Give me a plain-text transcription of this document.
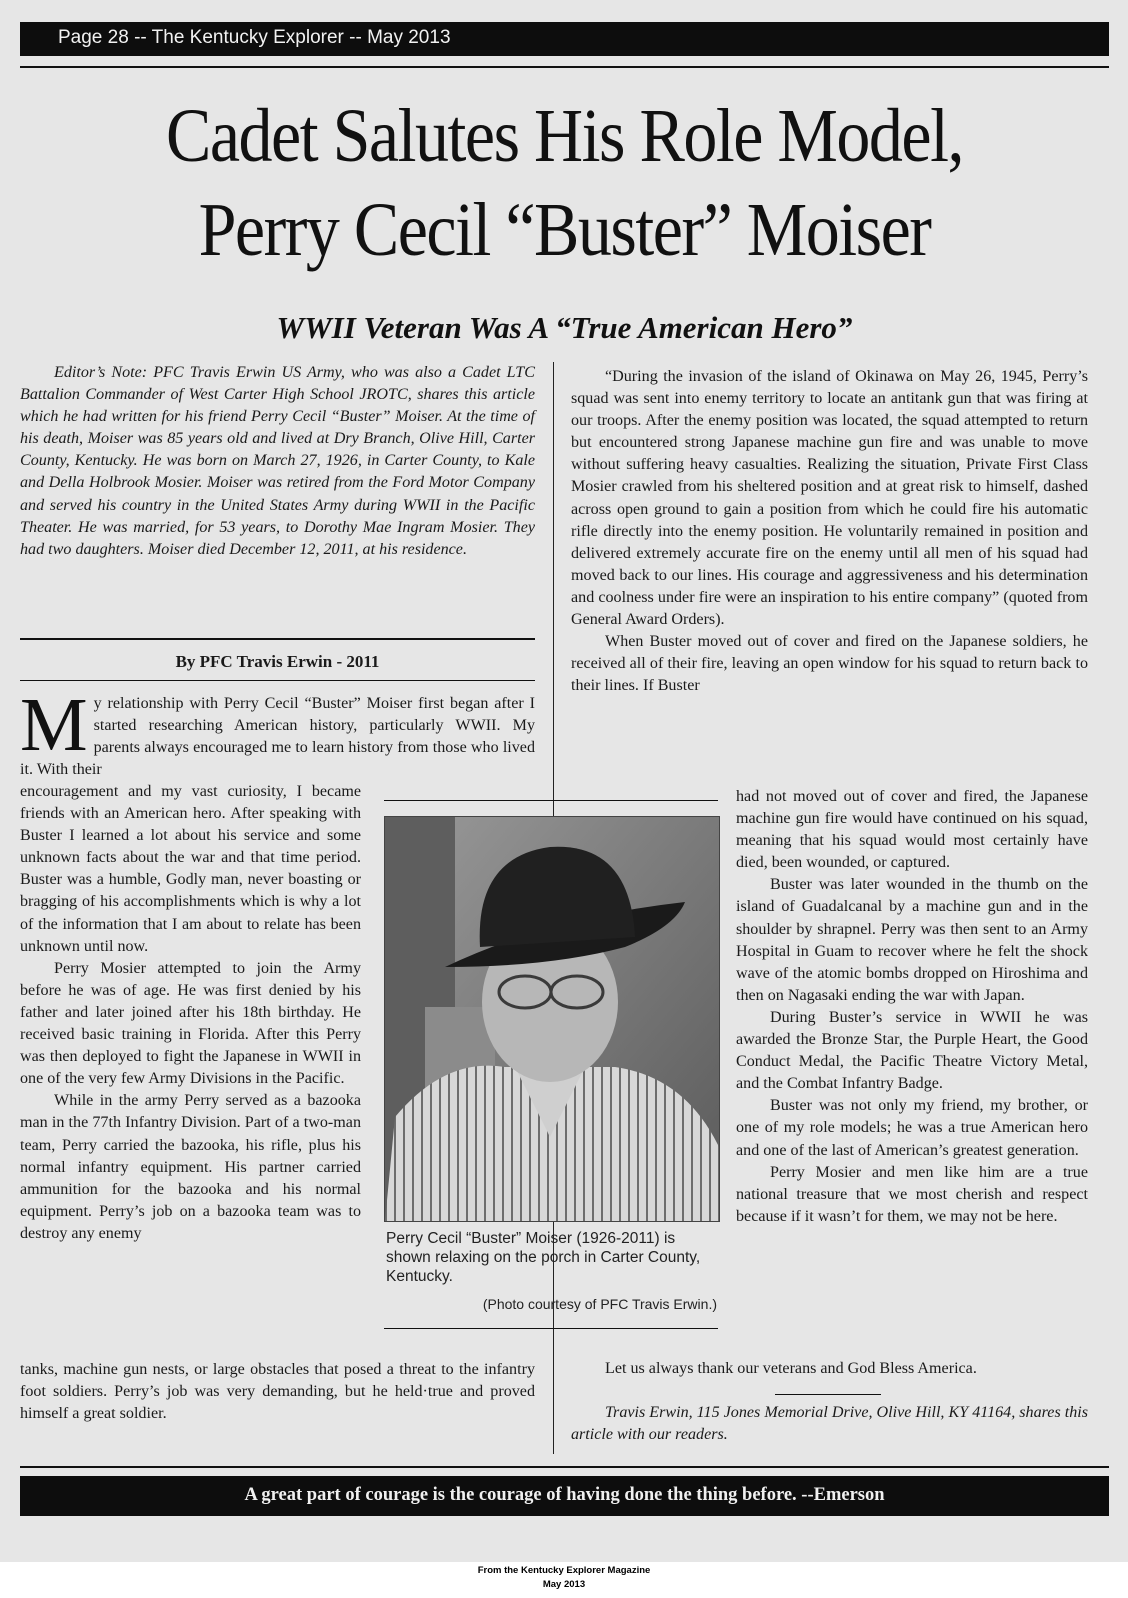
Page 28 -- The Kentucky Explorer -- May 2013
Cadet Salutes His Role Model,
Perry Cecil “Buster” Moiser
WWII Veteran Was A “True American Hero”

Editor’s Note: PFC Travis Erwin US Army, who was also a Cadet LTC Battalion Commander of West Carter High School JROTC, shares this article which he had written for his friend Perry Cecil “Buster” Moiser. At the time of his death, Moiser was 85 years old and lived at Dry Branch, Olive Hill, Carter County, Kentucky. He was born on March 27, 1926, in Carter County, to Kale and Della Holbrook Mosier. Moiser was retired from the Ford Motor Company and served his country in the United States Army during WWII in the Pacific Theater. He was married, for 53 years, to Dorothy Mae Ingram Mosier. They had two daughters. Moiser died December 12, 2011, at his residence.

By PFC Travis Erwin - 2011
M y relationship with Perry Cecil “Buster” Moiser first began after I started researching American history, particularly WWII. My parents always encouraged me to learn history from those who lived it. With their

encouragement and my vast curiosity, I became friends with an American hero. After speaking with Buster I learned a lot about his service and some unknown facts about the war and that time period. Buster was a humble, Godly man, never boasting or bragging of his accomplishments which is why a lot of the information that I am about to relate has been unknown until now.

Perry Mosier attempted to join the Army before he was of age. He was first denied by his father and later joined after his 18th birthday. He received basic training in Florida. After this Perry was then deployed to fight the Japanese in WWII in one of the very few Army Divisions in the Pacific.

While in the army Perry served as a bazooka man in the 77th Infantry Division. Part of a two-man team, Perry carried the bazooka, his rifle, plus his normal infantry equipment. His partner carried ammunition for the bazooka and his normal equipment. Perry’s job on a bazooka team was to destroy any enemy

tanks, machine gun nests, or large obstacles that posed a threat to the infantry foot soldiers. Perry’s job was very demanding, but he held·true and proved himself a great soldier.

“During the invasion of the island of Okinawa on May 26, 1945, Perry’s squad was sent into enemy territory to locate an antitank gun that was firing at our troops. After the enemy position was located, the squad attempted to return but encountered strong Japanese machine gun fire and was unable to move without suffering heavy casualties. Realizing the situation, Private First Class Mosier crawled from his sheltered position and at great risk to himself, dashed across open ground to gain a position from which he could fire his automatic rifle directly into the enemy position. He voluntarily remained in position and delivered extremely accurate fire on the enemy until all men of his squad had moved back to our lines. His courage and aggressiveness and his determination and coolness under fire were an inspiration to his entire company” (quoted from General Award Orders).

When Buster moved out of cover and fired on the Japanese soldiers, he received all of their fire, leaving an open window for his squad to return back to their lines. If Buster

had not moved out of cover and fired, the Japanese machine gun fire would have continued on his squad, meaning that his squad would most certainly have died, been wounded, or captured.

Buster was later wounded in the thumb on the island of Guadalcanal by a machine gun and in the shoulder by shrapnel. Perry was then sent to an Army Hospital in Guam to recover where he felt the shock wave of the atomic bombs dropped on Hiroshima and then on Nagasaki ending the war with Japan.

During Buster’s service in WWII he was awarded the Bronze Star, the Purple Heart, the Good Conduct Medal, the Pacific Theatre Victory Metal, and the Combat Infantry Badge.

Buster was not only my friend, my brother, or one of my role models; he was a true American hero and one of the last of American’s greatest generation.

Perry Mosier and men like him are a true national treasure that we most cherish and respect because if it wasn’t for them, we may not be here.

Let us always thank our veterans and God Bless America.

Travis Erwin, 115 Jones Memorial Drive, Olive Hill, KY 41164, shares this article with our readers.
Perry Cecil “Buster” Moiser (1926-2011) is shown relaxing on the porch in Carter County, Kentucky.
(Photo courtesy of PFC Travis Erwin.)
A great part of courage is the courage of having done the thing before. --Emerson
From the Kentucky Explorer Magazine
May 2013
